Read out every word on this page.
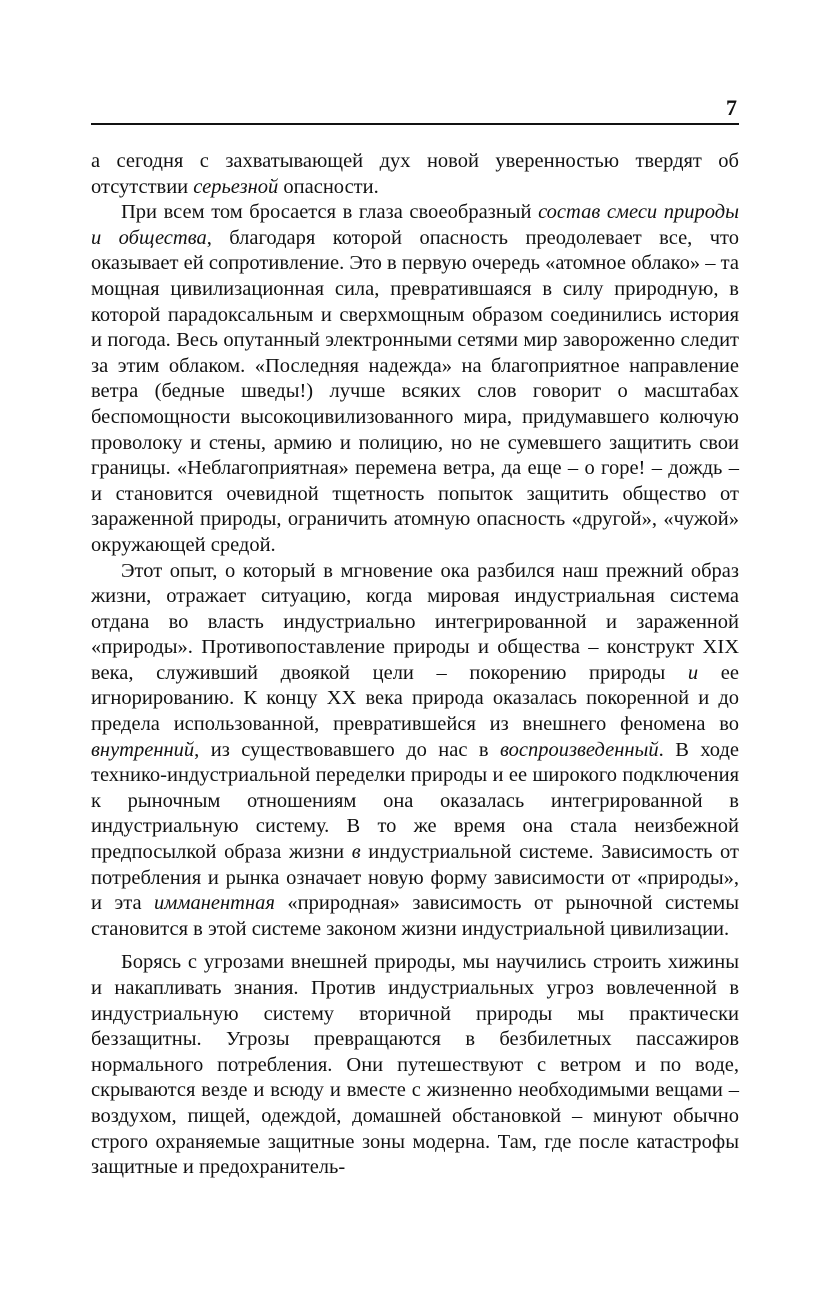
7

а сегодня с захватывающей дух новой уверенностью твердят об отсутствии серьезной опасности.

При всем том бросается в глаза своеобразный состав смеси природы и общества, благодаря которой опасность преодолевает все, что оказывает ей сопротивление. Это в первую очередь «атомное облако» – та мощная цивилизационная сила, превратившаяся в силу природную, в которой парадоксальным и сверхмощным образом соединились история и погода. Весь опутанный электронными сетями мир завороженно следит за этим облаком. «Последняя надежда» на благоприятное направление ветра (бедные шведы!) лучше всяких слов говорит о масштабах беспомощности высокоцивилизованного мира, придумавшего колючую проволоку и стены, армию и полицию, но не сумевшего защитить свои границы. «Неблагоприятная» перемена ветра, да еще – о горе! – дождь – и становится очевидной тщетность попыток защитить общество от зараженной природы, ограничить атомную опасность «другой», «чужой» окружающей средой.

Этот опыт, о который в мгновение ока разбился наш прежний образ жизни, отражает ситуацию, когда мировая индустриальная система отдана во власть индустриально интегрированной и зараженной «природы». Противопоставление природы и общества – конструкт XIX века, служивший двоякой цели – покорению природы и ее игнорированию. К концу XX века природа оказалась покоренной и до предела использованной, превратившейся из внешнего феномена во внутренний, из существовавшего до нас в воспроизведенный. В ходе технико-индустриальной переделки природы и ее широкого подключения к рыночным отношениям она оказалась интегрированной в индустриальную систему. В то же время она стала неизбежной предпосылкой образа жизни в индустриальной системе. Зависимость от потребления и рынка означает новую форму зависимости от «природы», и эта имманентная «природная» зависимость от рыночной системы становится в этой системе законом жизни индустриальной цивилизации.

Борясь с угрозами внешней природы, мы научились строить хижины и накапливать знания. Против индустриальных угроз вовлеченной в индустриальную систему вторичной природы мы практически беззащитны. Угрозы превращаются в безбилетных пассажиров нормального потребления. Они путешествуют с ветром и по воде, скрываются везде и всюду и вместе с жизненно необходимыми вещами – воздухом, пищей, одеждой, домашней обстановкой – минуют обычно строго охраняемые защитные зоны модерна. Там, где после катастрофы защитные и предохранитель-
